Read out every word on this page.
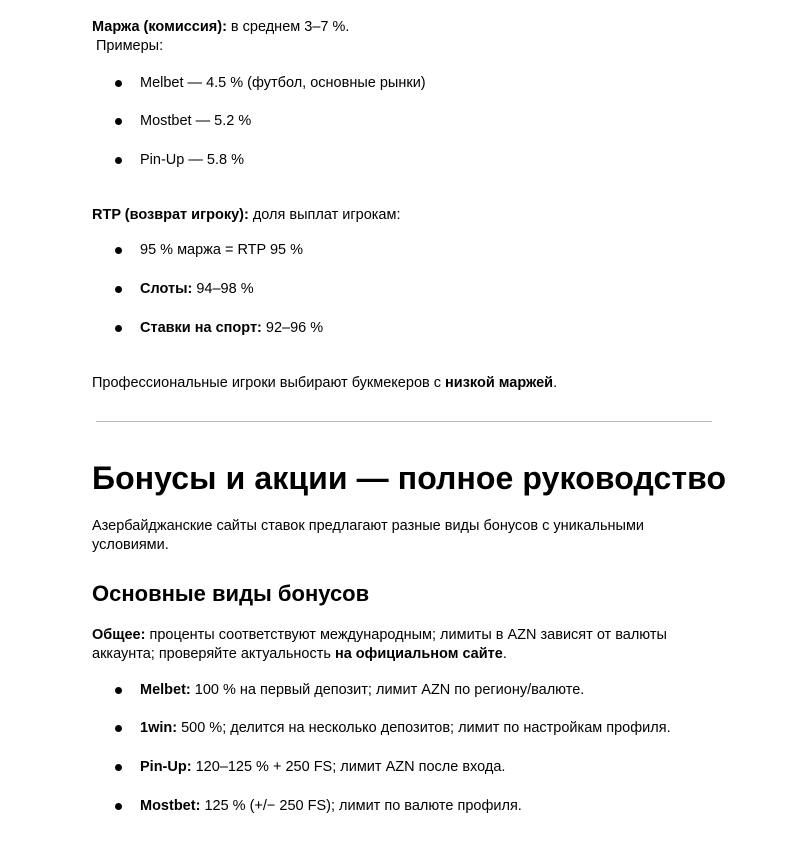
Маржа (комиссия): в среднем 3–7 %.
Примеры:
Melbet — 4.5 % (футбол, основные рынки)
Mostbet — 5.2 %
Pin-Up — 5.8 %
RTP (возврат игроку): доля выплат игрокам:
95 % маржа = RTP 95 %
Слоты: 94–98 %
Ставки на спорт: 92–96 %
Профессиональные игроки выбирают букмекеров с низкой маржей.
Бонусы и акции — полное руководство
Азербайджанские сайты ставок предлагают разные виды бонусов с уникальными
условиями.
Основные виды бонусов
Общее: проценты соответствуют международным; лимиты в AZN зависят от валюты
аккаунта; проверяйте актуальность на официальном сайте.
Melbet: 100 % на первый депозит; лимит AZN по региону/валюте.
1win: 500 %; делится на несколько депозитов; лимит по настройкам профиля.
Pin-Up: 120–125 % + 250 FS; лимит AZN после входа.
Mostbet: 125 % (+/− 250 FS); лимит по валюте профиля.
